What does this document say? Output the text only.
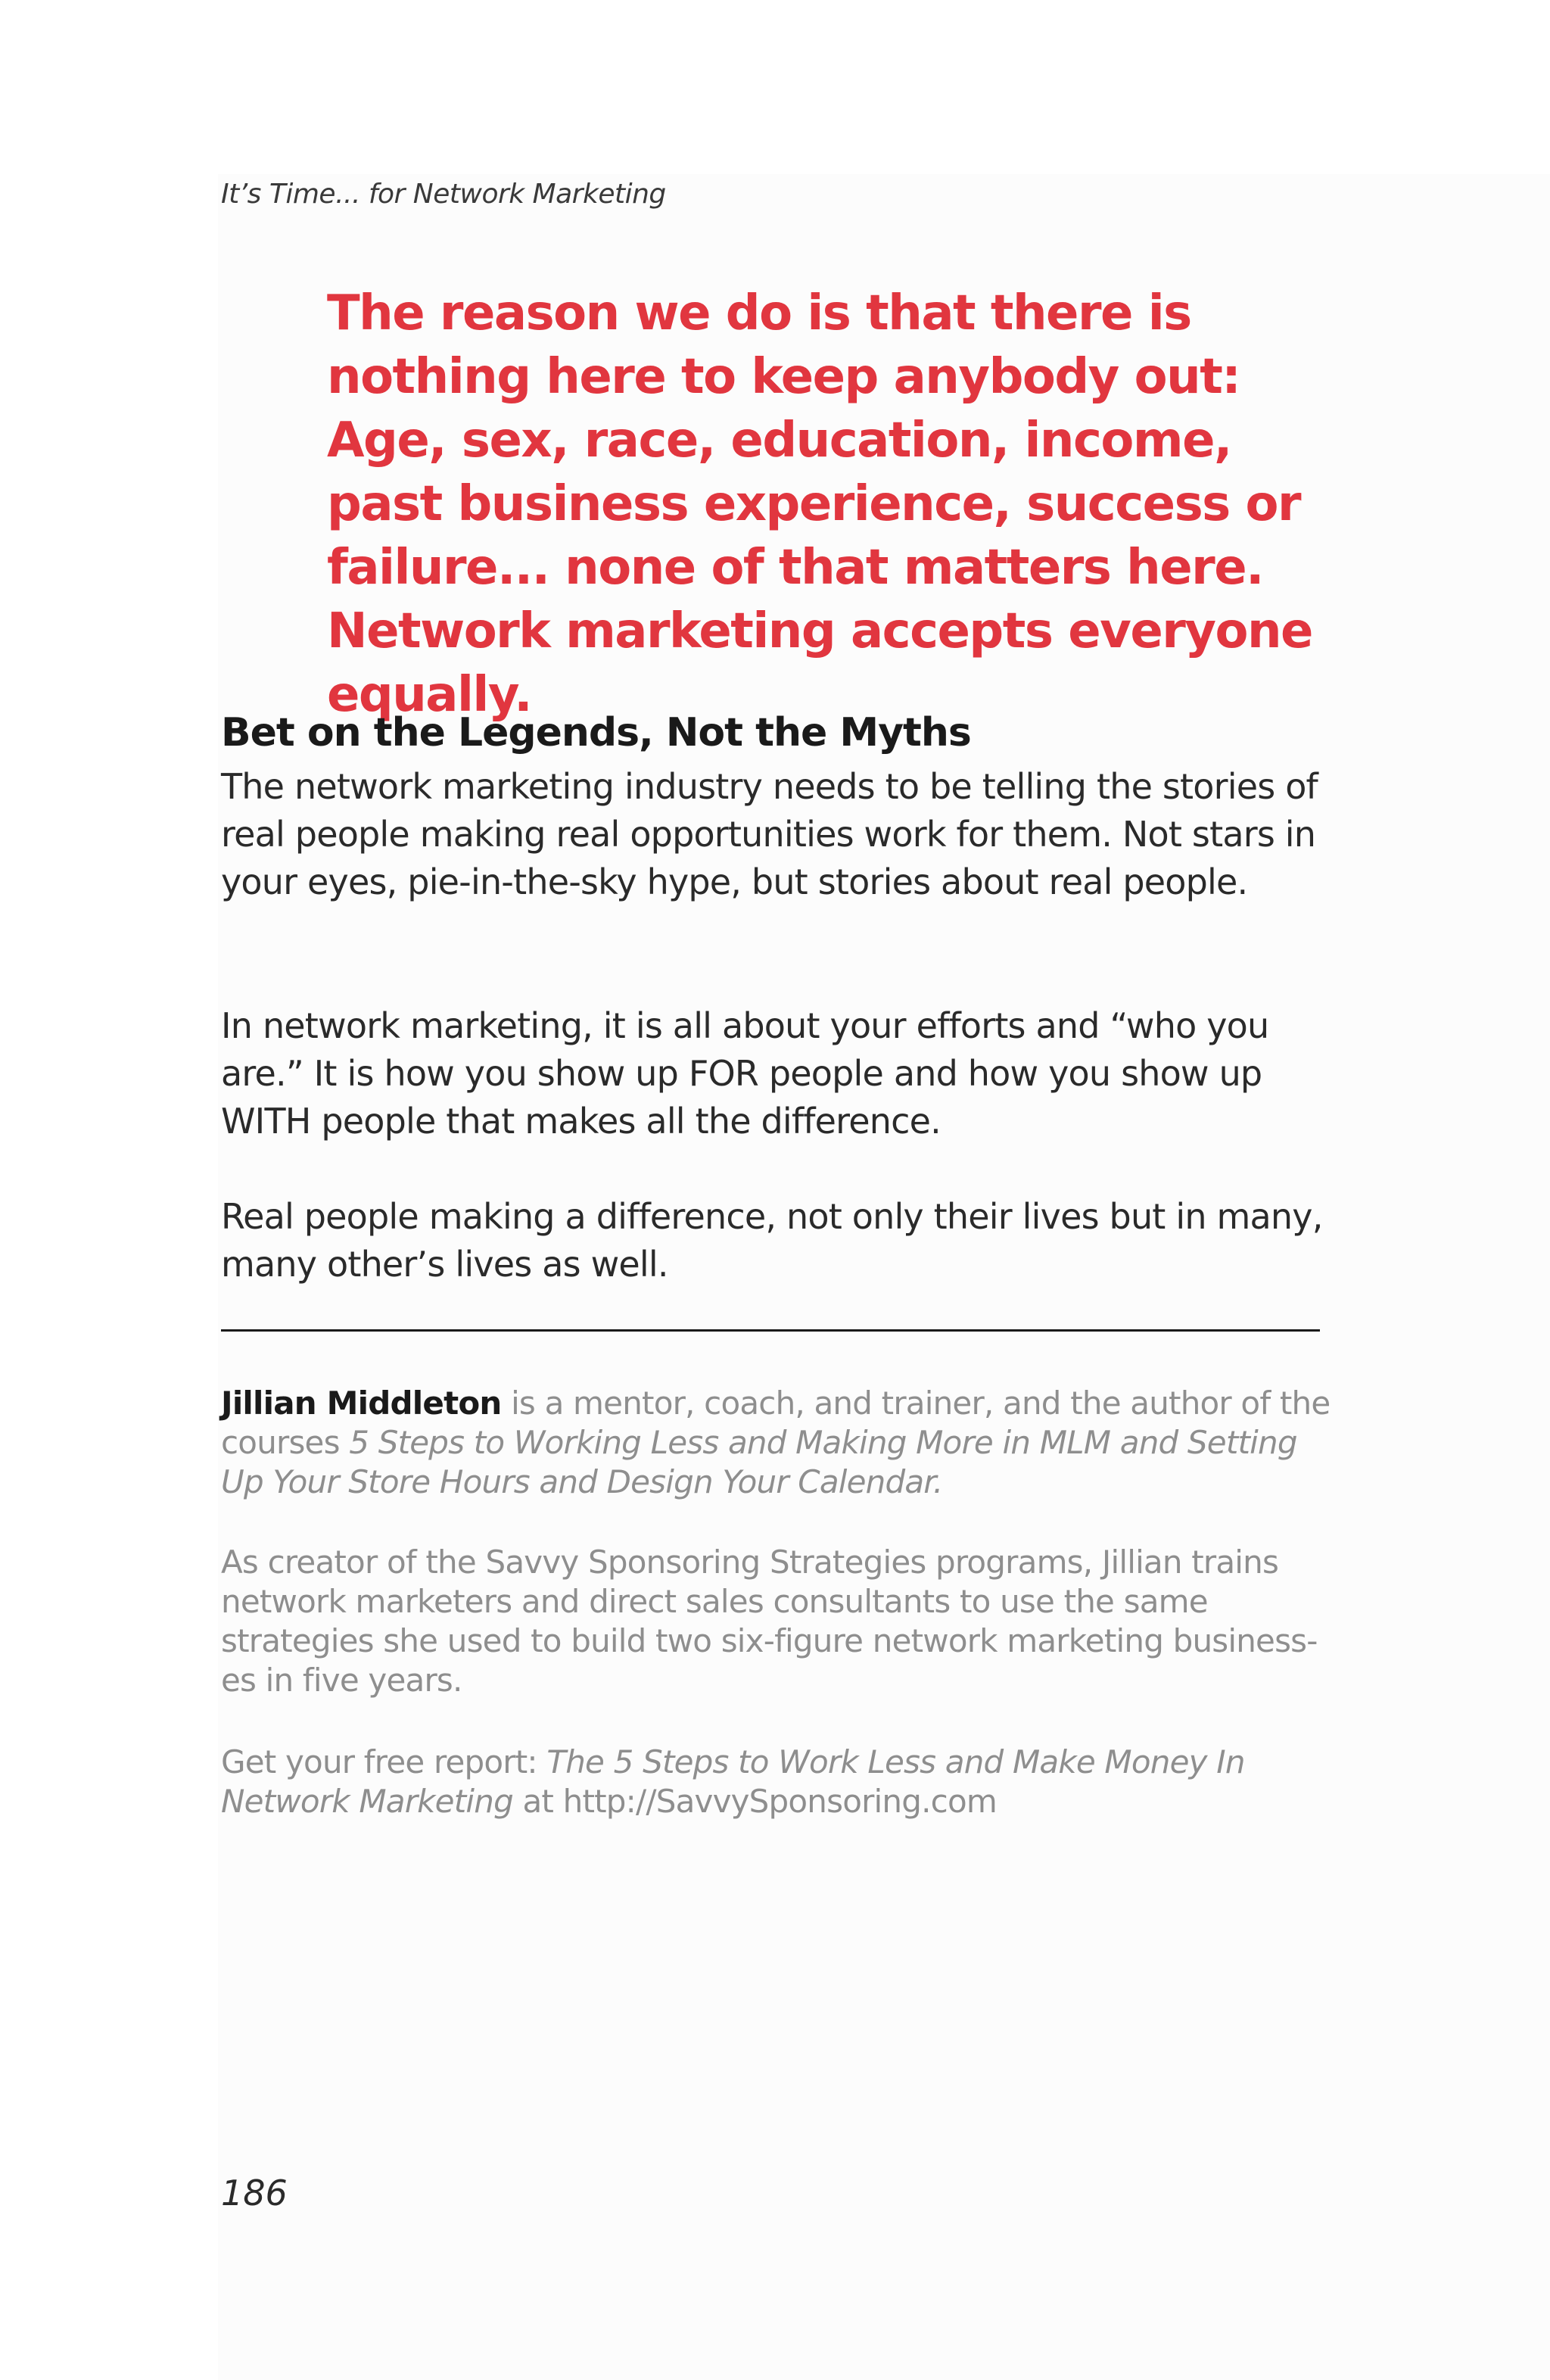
It’s Time... for Network Marketing

The reason we do is that there is nothing here to keep anybody out: Age, sex, race, education, income, past business experience, success or failure... none of that matters here. Network marketing accepts everyone equally.

Bet on the Legends, Not the Myths

The network marketing industry needs to be telling the stories of real people making real opportunities work for them. Not stars in your eyes, pie-in-the-sky hype, but stories about real people.

In network marketing, it is all about your efforts and “who you are.” It is how you show up FOR people and how you show up WITH people that makes all the difference.

Real people making a difference, not only their lives but in many, many other’s lives as well.

Jillian Middleton is a mentor, coach, and trainer, and the author of the courses 5 Steps to Working Less and Making More in MLM and Setting Up Your Store Hours and Design Your Calendar.

As creator of the Savvy Sponsoring Strategies programs, Jillian trains network marketers and direct sales consultants to use the same strategies she used to build two six-figure network marketing business-es in five years.

Get your free report: The 5 Steps to Work Less and Make Money In Network Marketing at http://SavvySponsoring.com

186
